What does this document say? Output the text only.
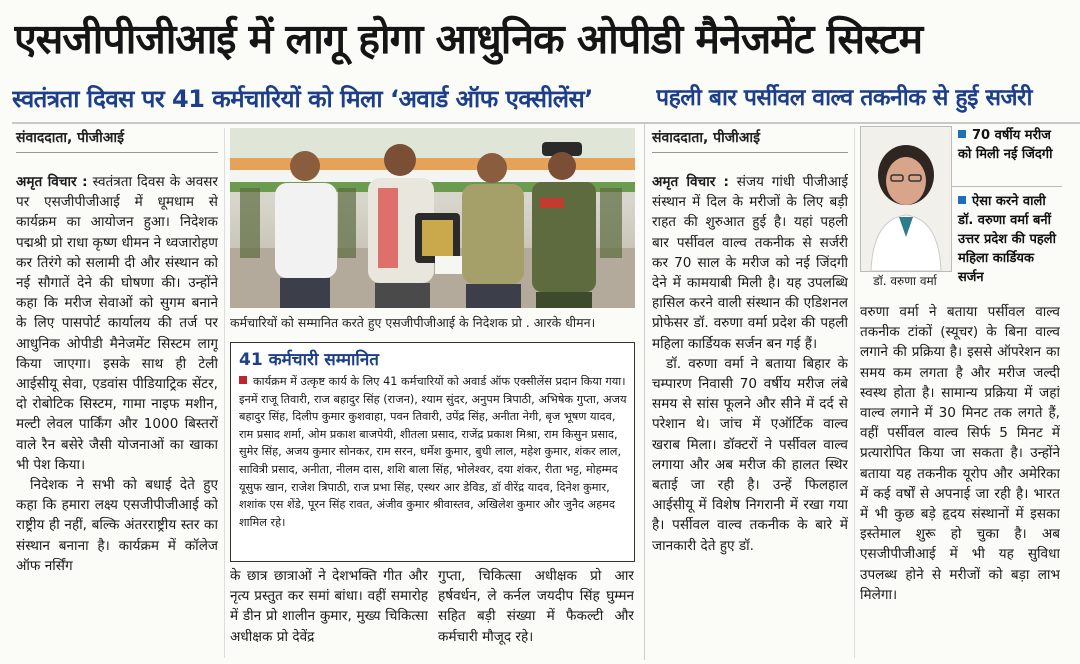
एसजीपीजीआई में लागू होगा आधुनिक ओपीडी मैनेजमेंट सिस्टम
स्वतंत्रता दिवस पर 41 कर्मचारियों को मिला ‘अवार्ड ऑफ एक्सीलेंस’	पहली बार पर्सीवल वाल्व तकनीक से हुई सर्जरी
संवाददाता, पीजीआई

अमृत विचार : स्वतंत्रता दिवस के अवसर पर एसजीपीजीआई में धूमधाम से कार्यक्रम का आयोजन हुआ। निदेशक पद्मश्री प्रो राधा कृष्ण धीमन ने ध्वजारोहण कर तिरंगे को सलामी दी और संस्थान को नई सौगातें देने की घोषणा की। उन्होंने कहा कि मरीज सेवाओं को सुगम बनाने के लिए पासपोर्ट कार्यालय की तर्ज पर आधुनिक ओपीडी मैनेजमेंट सिस्टम लागू किया जाएगा। इसके साथ ही टेली आईसीयू सेवा, एडवांस पीडियाट्रिक सेंटर, दो रोबोटिक सिस्टम, गामा नाइफ मशीन, मल्टी लेवल पार्किंग और 1000 बिस्तरों वाले रैन बसेरे जैसी योजनाओं का खाका भी पेश किया।

निदेशक ने सभी को बधाई देते हुए कहा कि हमारा लक्ष्य एसजीपीजीआई को राष्ट्रीय ही नहीं, बल्कि अंतरराष्ट्रीय स्तर का संस्थान बनाना है। कार्यक्रम में कॉलेज ऑफ नर्सिंग

कर्मचारियों को सम्मानित करते हुए एसजीपीजीआई के निदेशक प्रो . आरके धीमन।
41 कर्मचारी सम्मानित
कार्यक्रम में उत्कृष्ट कार्य के लिए 41 कर्मचारियों को अवार्ड ऑफ एक्सीलेंस प्रदान किया गया। इनमें राजू तिवारी, राज बहादुर सिंह (राजन), श्याम सुंदर, अनुपम त्रिपाठी, अभिषेक गुप्ता, अजय बहादुर सिंह, दिलीप कुमार कुशवाहा, पवन तिवारी, उपेंद्र सिंह, अनीता नेगी, बृज भूषण यादव, राम प्रसाद शर्मा, ओम प्रकाश बाजपेयी, शीतला प्रसाद, राजेंद्र प्रकाश मिश्रा, राम किसुन प्रसाद, सुमेर सिंह, अजय कुमार सोनकर, राम सरन, धर्मेश कुमार, बुधी लाल, महेश कुमार, शंकर लाल, सावित्री प्रसाद, अनीता, नीलम दास, शशि बाला सिंह, भोलेश्वर, दया शंकर, रीता भट्ट, मोहम्मद यूसुफ खान, राजेश त्रिपाठी, राज प्रभा सिंह, एस्थर आर डेविड, डॉ वीरेंद्र यादव, दिनेश कुमार, शशांक एस शेंडे, पूरन सिंह रावत, अंजीव कुमार श्रीवास्तव, अखिलेश कुमार और जुनैद अहमद शामिल रहे।

के छात्र छात्राओं ने देशभक्ति गीत और नृत्य प्रस्तुत कर समां बांधा। वहीं समारोह में डीन प्रो शालीन कुमार, मुख्य चिकित्सा अधीक्षक प्रो देवेंद्र

गुप्ता, चिकित्सा अधीक्षक प्रो आर हर्षवर्धन, ले कर्नल जयदीप सिंह घुम्मन सहित बड़ी संख्या में फैकल्टी और कर्मचारी मौजूद रहे।

संवाददाता, पीजीआई

अमृत विचार : संजय गांधी पीजीआई संस्थान में दिल के मरीजों के लिए बड़ी राहत की शुरुआत हुई है। यहां पहली बार पर्सीवल वाल्व तकनीक से सर्जरी कर 70 साल के मरीज को नई जिंदगी देने में कामयाबी मिली है। यह उपलब्धि हासिल करने वाली संस्थान की एडिशनल प्रोफेसर डॉ. वरुणा वर्मा प्रदेश की पहली महिला कार्डियक सर्जन बन गई हैं।

डॉ. वरुणा वर्मा ने बताया बिहार के चम्पारण निवासी 70 वर्षीय मरीज लंबे समय से सांस फूलने और सीने में दर्द से परेशान थे। जांच में एऑर्टिक वाल्व खराब मिला। डॉक्टरों ने पर्सीवल वाल्व लगाया और अब मरीज की हालत स्थिर बताई जा रही है। उन्हें फिलहाल आईसीयू में विशेष निगरानी में रखा गया है। पर्सीवल वाल्व तकनीक के बारे में जानकारी देते हुए डॉ.

डॉ. वरुणा वर्मा
70 वर्षीय मरीज को मिली नई जिंदगी
ऐसा करने वाली डॉ. वरुणा वर्मा बनीं उत्तर प्रदेश की पहली महिला कार्डियक सर्जन

वरुणा वर्मा ने बताया पर्सीवल वाल्व तकनीक टांकों (स्यूचर) के बिना वाल्व लगाने की प्रक्रिया है। इससे ऑपरेशन का समय कम लगता है और मरीज जल्दी स्वस्थ होता है। सामान्य प्रक्रिया में जहां वाल्व लगाने में 30 मिनट तक लगते हैं, वहीं पर्सीवल वाल्व सिर्फ 5 मिनट में प्रत्यारोपित किया जा सकता है। उन्होंने बताया यह तकनीक यूरोप और अमेरिका में कई वर्षों से अपनाई जा रही है। भारत में भी कुछ बड़े हृदय संस्थानों में इसका इस्तेमाल शुरू हो चुका है। अब एसजीपीजीआई में भी यह सुविधा उपलब्ध होने से मरीजों को बड़ा लाभ मिलेगा।
